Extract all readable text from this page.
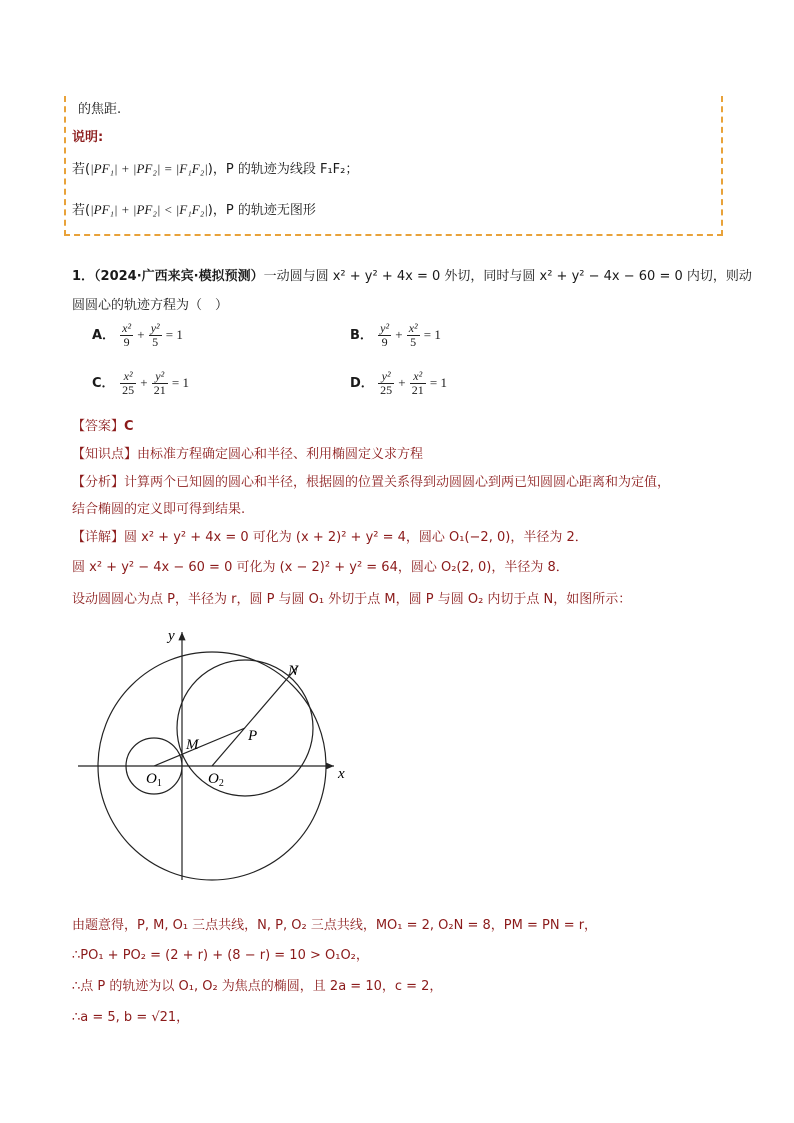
的焦距.
说明:
若(|PF₁| + |PF₂| = |F₁F₂|)，P 的轨迹为线段 F₁F₂；
若(|PF₁| + |PF₂| < |F₁F₂|)，P 的轨迹无图形
1．（2024·广西来宾·模拟预测）一动圆与圆 x² + y² + 4x = 0 外切，同时与圆 x² + y² − 4x − 60 = 0 内切，则动
圆圆心的轨迹方程为（　）
A． $\frac{\text{x²}}{9} + \frac{\text{y²}}{5} = 1$	B． $\frac{\text{y²}}{9} + \frac{\text{x²}}{5} = 1$
C． $\frac{\text{x²}}{25} + \frac{\text{y²}}{21} = 1$	D． $\frac{\text{y²}}{25} + \frac{\text{x²}}{21} = 1$
【答案】C
【知识点】由标准方程确定圆心和半径、利用椭圆定义求方程
【分析】计算两个已知圆的圆心和半径，根据圆的位置关系得到动圆圆心到两已知圆圆心距离和为定值，
结合椭圆的定义即可得到结果.
【详解】圆 x² + y² + 4x = 0 可化为 (x + 2)² + y² = 4，圆心 O₁(−2, 0)，半径为 2．
圆 x² + y² − 4x − 60 = 0 可化为 (x − 2)² + y² = 64，圆心 O₂(2, 0)，半径为 8．
设动圆圆心为点 P，半径为 r，圆 P 与圆 O₁ 外切于点 M，圆 P 与圆 O₂ 内切于点 N，如图所示：
y
x
N
P
M
$O_1$	$O_2$
由题意得，P, M, O₁ 三点共线，N, P, O₂ 三点共线，MO₁ = 2, O₂N = 8，PM = PN = r，
∴PO₁ + PO₂ = (2 + r) + (8 − r) = 10 > O₁O₂，
∴点 P 的轨迹为以 O₁, O₂ 为焦点的椭圆，且 2a = 10，c = 2，
∴a = 5, b = √21，
